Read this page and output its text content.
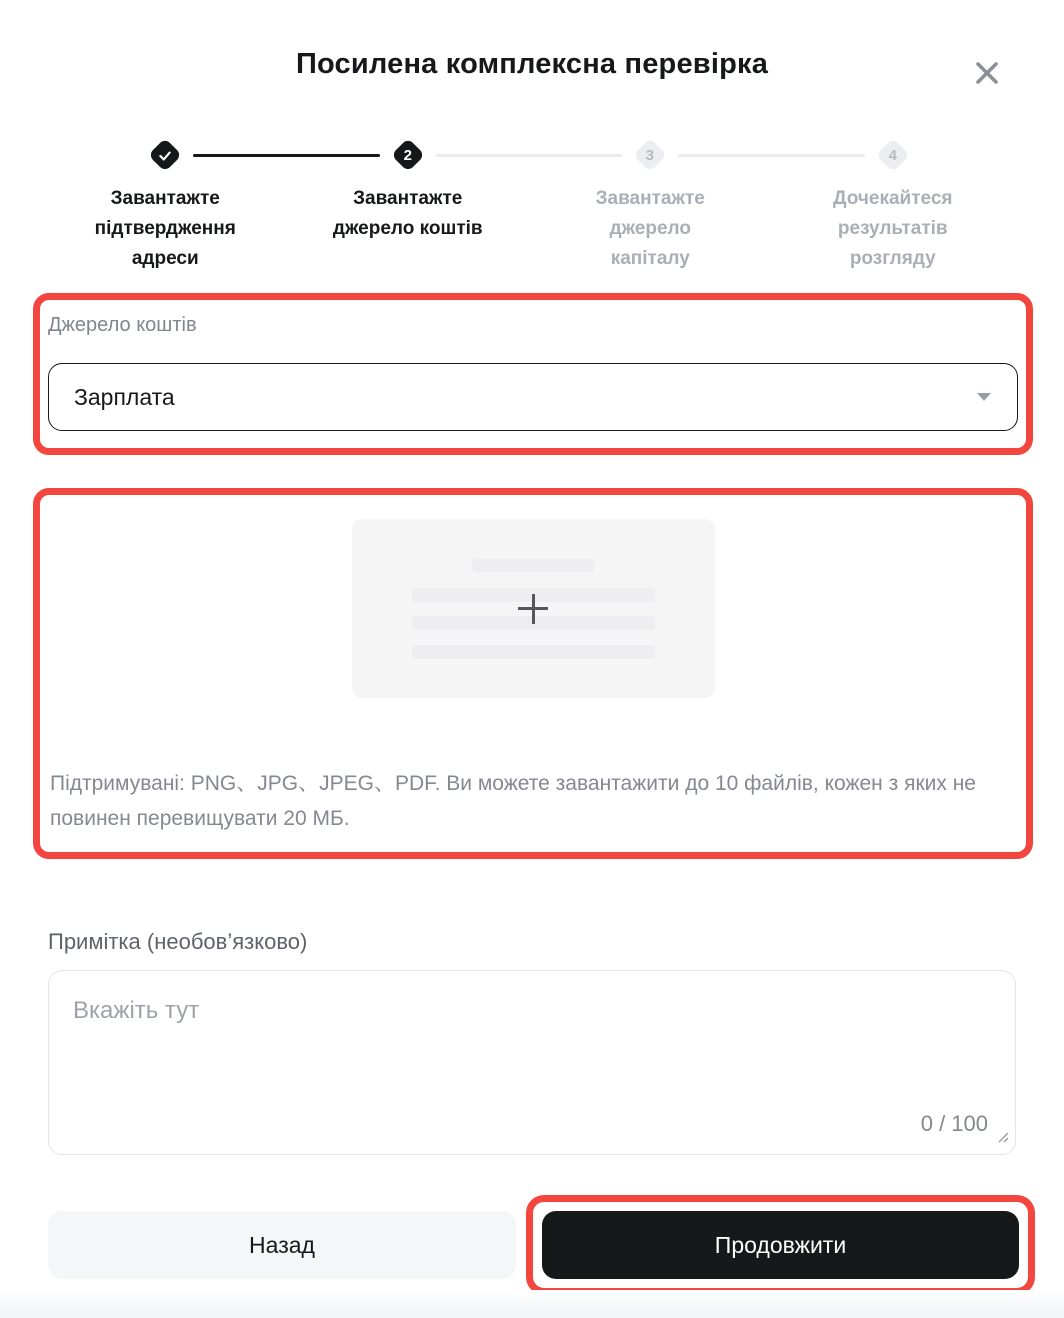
Посилена комплексна перевірка
Завантажте підтвердження адреси
2
Завантажте джерело коштів
3
Завантажте джерело капіталу
4
Дочекайтеся результатів розгляду
Джерело коштів
Зарплата
Підтримувані: PNG、JPG、JPEG、PDF. Ви можете завантажити до 10 файлів, кожен з яких не повинен перевищувати 20 МБ.
Примітка (необов’язково)
Вкажіть тут
0 / 100
Назад	Продовжити
